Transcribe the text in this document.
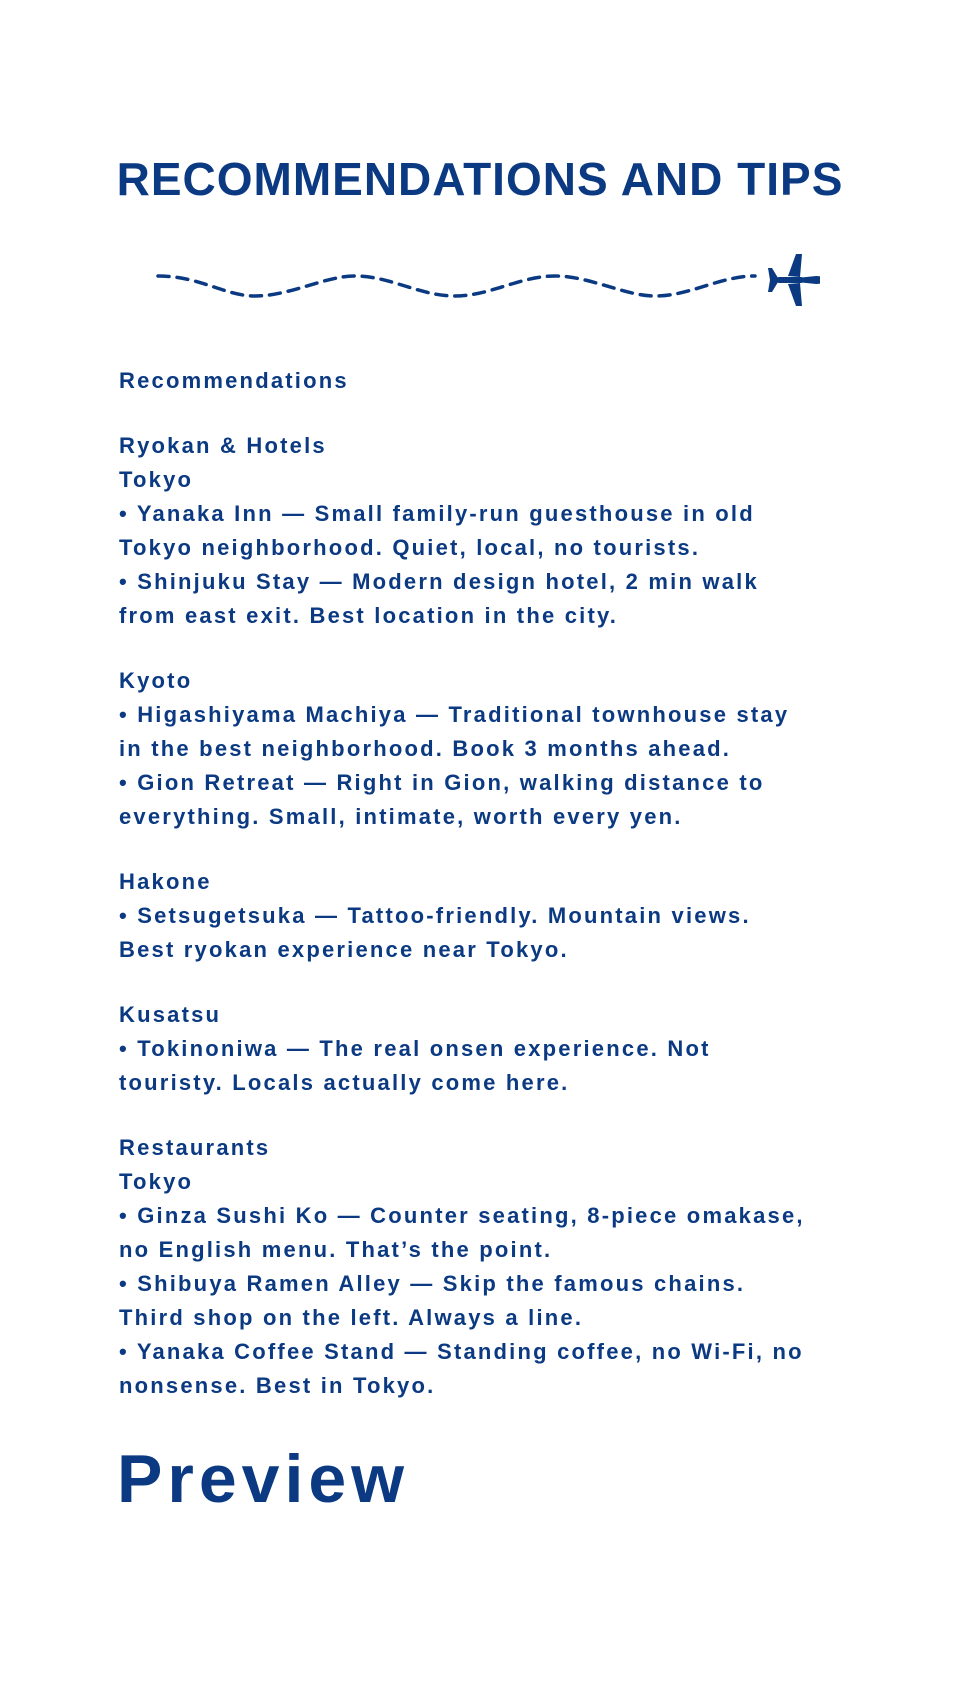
RECOMMENDATIONS AND TIPS
Recommendations
Ryokan & Hotels
Tokyo
• Yanaka Inn — Small family-run guesthouse in old
Tokyo neighborhood. Quiet, local, no tourists.
• Shinjuku Stay — Modern design hotel, 2 min walk
from east exit. Best location in the city.
Kyoto
• Higashiyama Machiya — Traditional townhouse stay
in the best neighborhood. Book 3 months ahead.
• Gion Retreat — Right in Gion, walking distance to
everything. Small, intimate, worth every yen.
Hakone
• Setsugetsuka — Tattoo-friendly. Mountain views.
Best ryokan experience near Tokyo.
Kusatsu
• Tokinoniwa — The real onsen experience. Not
touristy. Locals actually come here.
Restaurants
Tokyo
• Ginza Sushi Ko — Counter seating, 8-piece omakase,
no English menu. That’s the point.
• Shibuya Ramen Alley — Skip the famous chains.
Third shop on the left. Always a line.
• Yanaka Coffee Stand — Standing coffee, no Wi-Fi, no
nonsense. Best in Tokyo.
Preview
